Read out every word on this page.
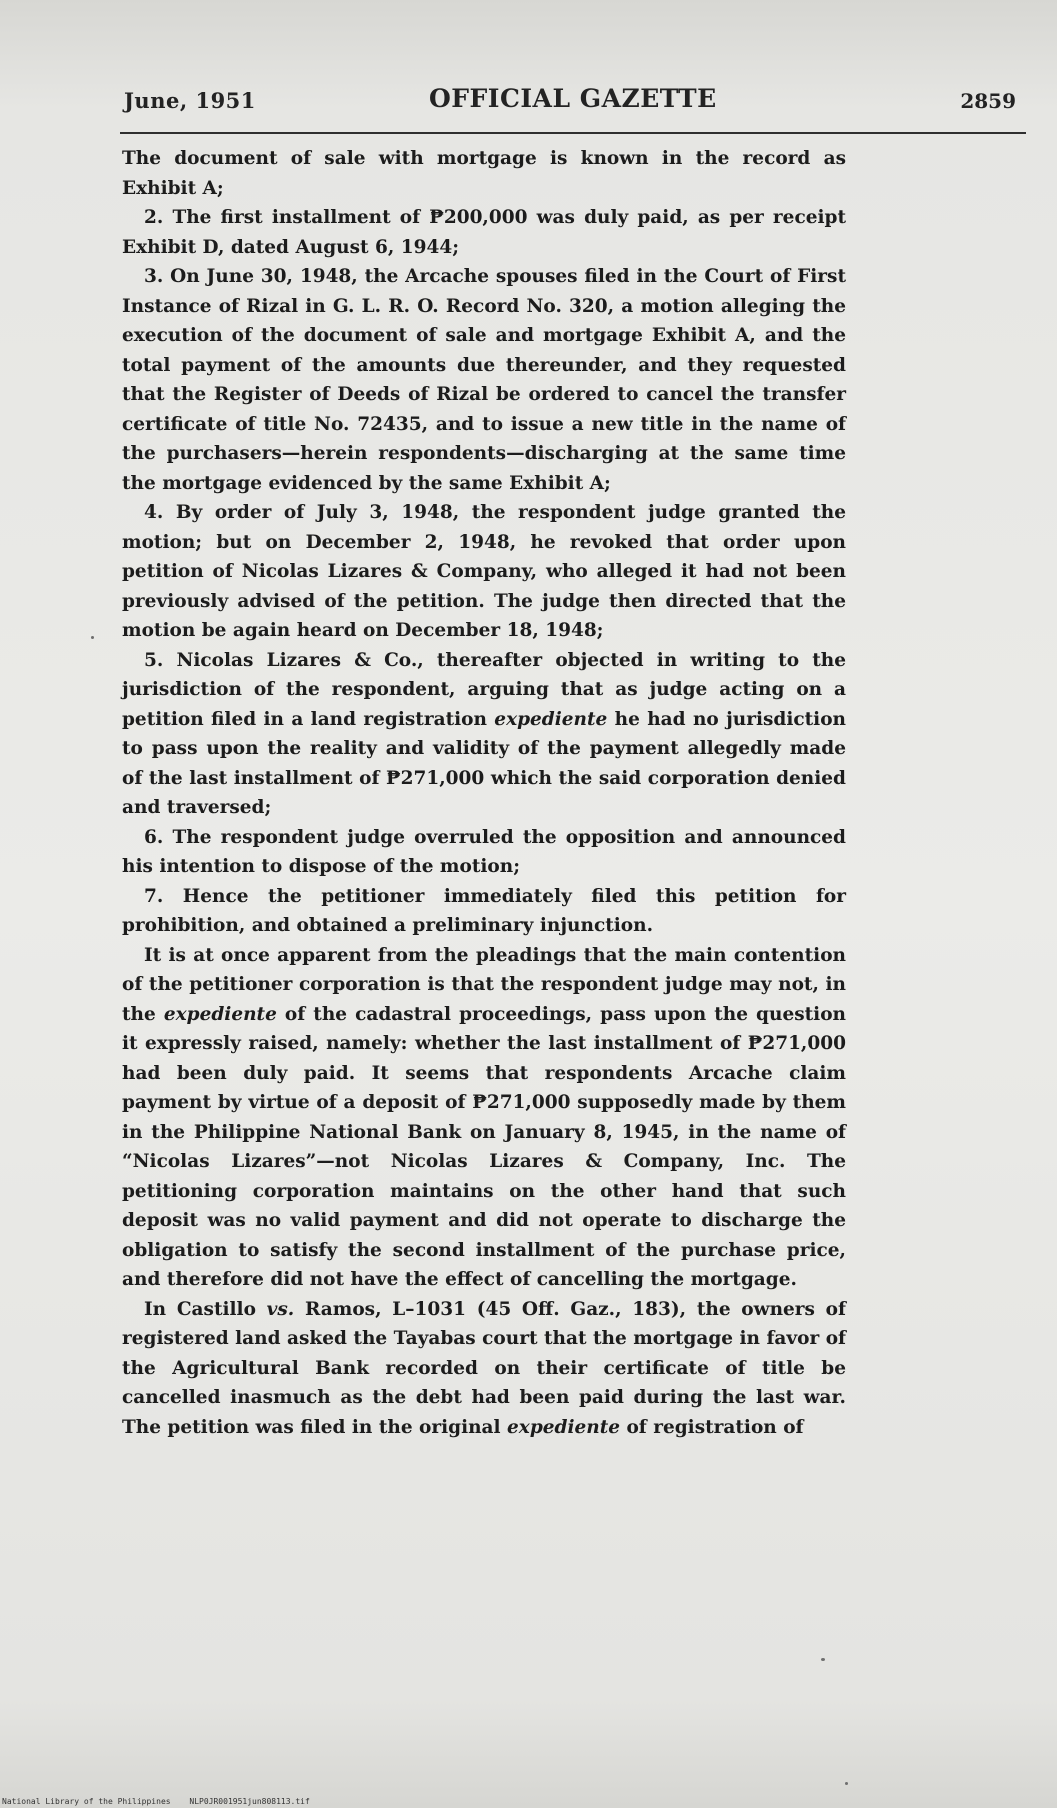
June, 1951	OFFICIAL GAZETTE	2859

The document of sale with mortgage is known in the record as Exhibit A;

2. The first installment of ₱200,000 was duly paid, as per receipt Exhibit D, dated August 6, 1944;

3. On June 30, 1948, the Arcache spouses filed in the Court of First Instance of Rizal in G. L. R. O. Record No. 320, a motion alleging the execution of the document of sale and mortgage Exhibit A, and the total payment of the amounts due thereunder, and they requested that the Register of Deeds of Rizal be ordered to cancel the transfer certificate of title No. 72435, and to issue a new title in the name of the purchasers—herein respondents—discharging at the same time the mortgage evidenced by the same Exhibit A;

4. By order of July 3, 1948, the respondent judge granted the motion; but on December 2, 1948, he revoked that order upon petition of Nicolas Lizares & Company, who alleged it had not been previously advised of the petition. The judge then directed that the motion be again heard on December 18, 1948;

5. Nicolas Lizares & Co., thereafter objected in writing to the jurisdiction of the respondent, arguing that as judge acting on a petition filed in a land registration expediente he had no jurisdiction to pass upon the reality and validity of the payment allegedly made of the last installment of ₱271,000 which the said corporation denied and traversed;

6. The respondent judge overruled the opposition and announced his intention to dispose of the motion;

7. Hence the petitioner immediately filed this petition for prohibition, and obtained a preliminary injunction.

It is at once apparent from the pleadings that the main contention of the petitioner corporation is that the respondent judge may not, in the expediente of the cadastral proceedings, pass upon the question it expressly raised, namely: whether the last installment of ₱271,000 had been duly paid. It seems that respondents Arcache claim payment by virtue of a deposit of ₱271,000 supposedly made by them in the Philippine National Bank on January 8, 1945, in the name of “Nicolas Lizares”—not Nicolas Lizares & Company, Inc. The petitioning corporation maintains on the other hand that such deposit was no valid payment and did not operate to discharge the obligation to satisfy the second installment of the purchase price, and therefore did not have the effect of cancelling the mortgage.

In Castillo vs. Ramos, L–1031 (45 Off. Gaz., 183), the owners of registered land asked the Tayabas court that the mortgage in favor of the Agricultural Bank recorded on their certificate of title be cancelled inasmuch as the debt had been paid during the last war. The petition was filed in the original expediente of registration of

National Library of the Philippines NLP0JR001951jun808113.tif
